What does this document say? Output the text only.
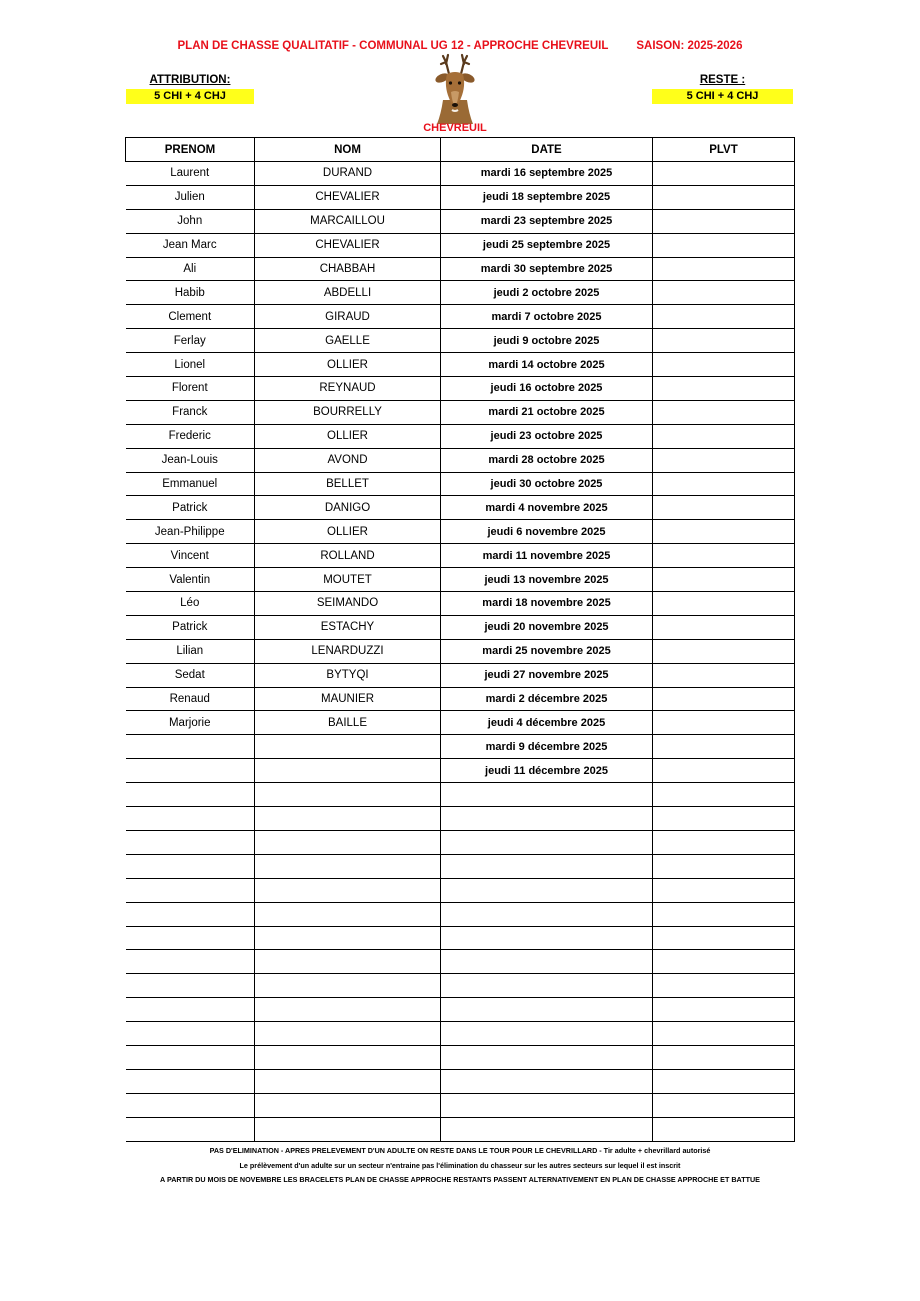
PLAN DE CHASSE QUALITATIF - COMMUNAL UG 12 - APPROCHE CHEVREUIL SAISON: 2025-2026
ATTRIBUTION:
5 CHI + 4 CHJ
RESTE :
5 CHI + 4 CHJ
CHEVREUIL
PRENOM	NOM	DATE	PLVT
Laurent	DURAND	mardi 16 septembre 2025	
Julien	CHEVALIER	jeudi 18 septembre 2025	
John	MARCAILLOU	mardi 23 septembre 2025	
Jean Marc	CHEVALIER	jeudi 25 septembre 2025	
Ali	CHABBAH	mardi 30 septembre 2025	
Habib	ABDELLI	jeudi 2 octobre 2025	
Clement	GIRAUD	mardi 7 octobre 2025	
Ferlay	GAELLE	jeudi 9 octobre 2025	
Lionel	OLLIER	mardi 14 octobre 2025	
Florent	REYNAUD	jeudi 16 octobre 2025	
Franck	BOURRELLY	mardi 21 octobre 2025	
Frederic	OLLIER	jeudi 23 octobre 2025	
Jean-Louis	AVOND	mardi 28 octobre 2025	
Emmanuel	BELLET	jeudi 30 octobre 2025	
Patrick	DANIGO	mardi 4 novembre 2025	
Jean-Philippe	OLLIER	jeudi 6 novembre 2025	
Vincent	ROLLAND	mardi 11 novembre 2025	
Valentin	MOUTET	jeudi 13 novembre 2025	
Léo	SEIMANDO	mardi 18 novembre 2025	
Patrick	ESTACHY	jeudi 20 novembre 2025	
Lilian	LENARDUZZI	mardi 25 novembre 2025	
Sedat	BYTYQI	jeudi 27 novembre 2025	
Renaud	MAUNIER	mardi 2 décembre 2025	
Marjorie	BAILLE	jeudi 4 décembre 2025	
		mardi 9 décembre 2025	
		jeudi 11 décembre 2025	

PAS D'ELIMINATION - APRES PRELEVEMENT D'UN ADULTE ON RESTE DANS LE TOUR POUR LE CHEVRILLARD - Tir adulte + chevrillard autorisé
Le prélèvement d'un adulte sur un secteur n'entraine pas l'élimination du chasseur sur les autres secteurs sur lequel il est inscrit
A PARTIR DU MOIS DE NOVEMBRE LES BRACELETS PLAN DE CHASSE APPROCHE RESTANTS PASSENT ALTERNATIVEMENT EN PLAN DE CHASSE APPROCHE ET BATTUE
